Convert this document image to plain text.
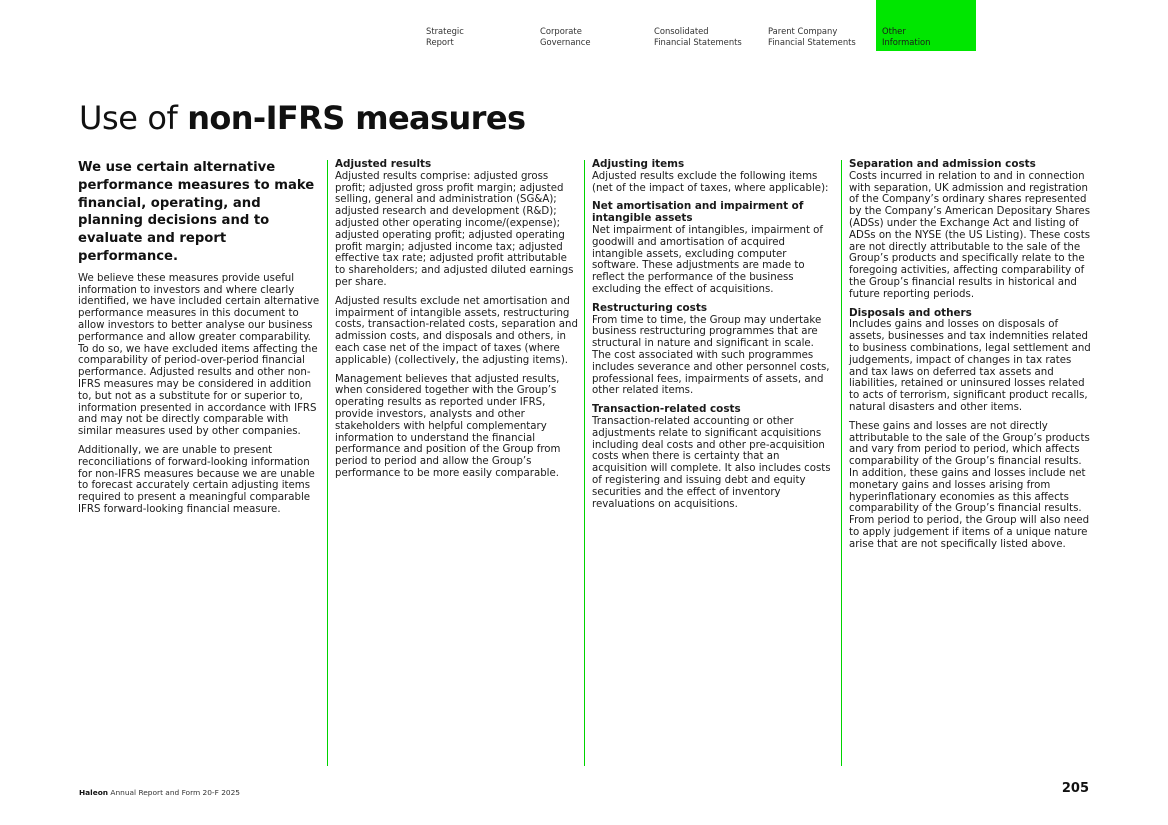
Strategic
Report
Corporate
Governance
Consolidated
Financial Statements
Parent Company
Financial Statements
Other
Information
Use of non-IFRS measures

We use certain alternative performance measures to make financial, operating, and planning decisions and to evaluate and report performance.

We believe these measures provide useful information to investors and where clearly identified, we have included certain alternative performance measures in this document to allow investors to better analyse our business performance and allow greater comparability. To do so, we have excluded items affecting the comparability of period-over-period financial performance. Adjusted results and other non-IFRS measures may be considered in addition to, but not as a substitute for or superior to, information presented in accordance with IFRS and may not be directly comparable with similar measures used by other companies.

Additionally, we are unable to present reconciliations of forward-looking information for non-IFRS measures because we are unable to forecast accurately certain adjusting items required to present a meaningful comparable IFRS forward-looking financial measure.

Adjusted results

Adjusted results comprise: adjusted gross profit; adjusted gross profit margin; adjusted selling, general and administration (SG&A); adjusted research and development (R&D); adjusted other operating income/(expense); adjusted operating profit; adjusted operating profit margin; adjusted income tax; adjusted effective tax rate; adjusted profit attributable to shareholders; and adjusted diluted earnings per share.

Adjusted results exclude net amortisation and impairment of intangible assets, restructuring costs, transaction-related costs, separation and admission costs, and disposals and others, in each case net of the impact of taxes (where applicable) (collectively, the adjusting items).

Management believes that adjusted results, when considered together with the Group’s operating results as reported under IFRS, provide investors, analysts and other stakeholders with helpful complementary information to understand the financial performance and position of the Group from period to period and allow the Group’s performance to be more easily comparable.

Adjusting items

Adjusted results exclude the following items (net of the impact of taxes, where applicable):

Net amortisation and impairment of intangible assets

Net impairment of intangibles, impairment of goodwill and amortisation of acquired intangible assets, excluding computer software. These adjustments are made to reflect the performance of the business excluding the effect of acquisitions.

Restructuring costs

From time to time, the Group may undertake business restructuring programmes that are structural in nature and significant in scale. The cost associated with such programmes includes severance and other personnel costs, professional fees, impairments of assets, and other related items.

Transaction-related costs

Transaction-related accounting or other adjustments relate to significant acquisitions including deal costs and other pre-acquisition costs when there is certainty that an acquisition will complete. It also includes costs of registering and issuing debt and equity securities and the effect of inventory revaluations on acquisitions.

Separation and admission costs

Costs incurred in relation to and in connection with separation, UK admission and registration of the Company’s ordinary shares represented by the Company’s American Depositary Shares (ADSs) under the Exchange Act and listing of ADSs on the NYSE (the US Listing). These costs are not directly attributable to the sale of the Group’s products and specifically relate to the foregoing activities, affecting comparability of the Group’s financial results in historical and future reporting periods.

Disposals and others

Includes gains and losses on disposals of assets, businesses and tax indemnities related to business combinations, legal settlement and judgements, impact of changes in tax rates and tax laws on deferred tax assets and liabilities, retained or uninsured losses related to acts of terrorism, significant product recalls, natural disasters and other items.

These gains and losses are not directly attributable to the sale of the Group’s products and vary from period to period, which affects comparability of the Group’s financial results. In addition, these gains and losses include net monetary gains and losses arising from hyperinflationary economies as this affects comparability of the Group’s financial results. From period to period, the Group will also need to apply judgement if items of a unique nature arise that are not specifically listed above.

Haleon Annual Report and Form 20-F 2025	205
